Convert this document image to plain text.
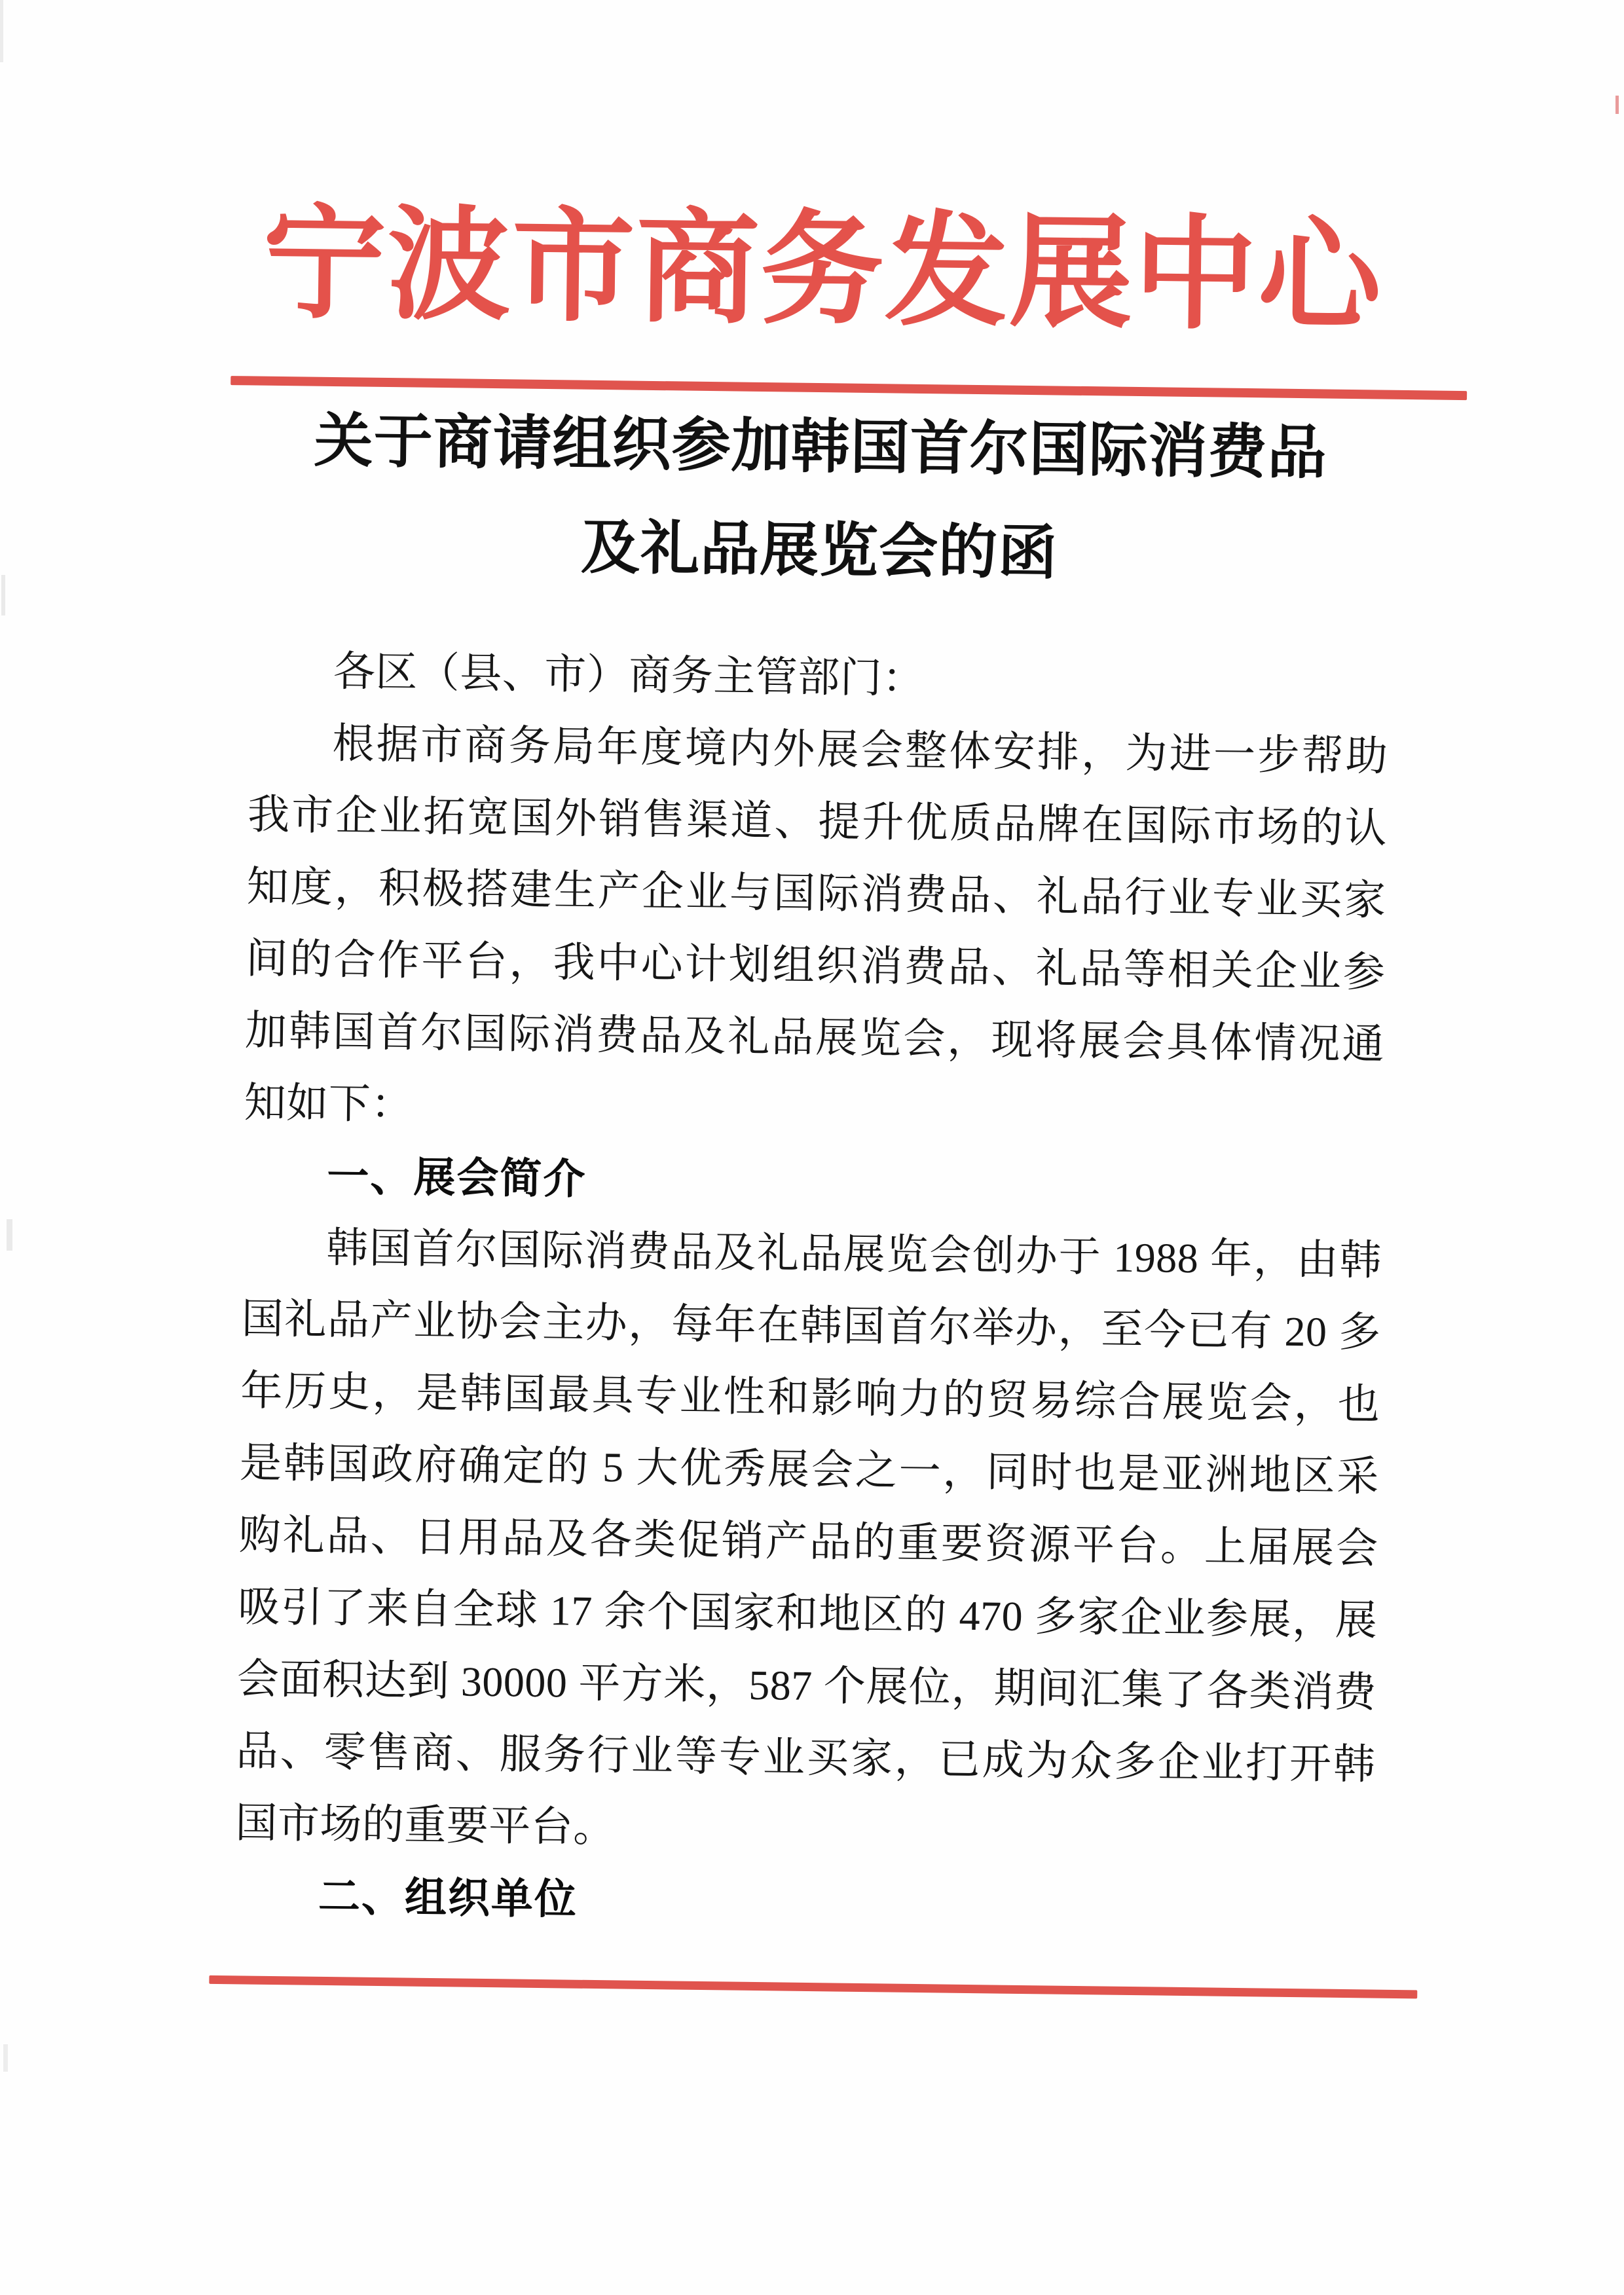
宁波市商务发展中心
关于商请组织参加韩国首尔国际消费品
及礼品展览会的函

各区（县、市）商务主管部门：

根据市商务局年度境内外展会整体安排，为进一步帮助我市企业拓宽国外销售渠道、提升优质品牌在国际市场的认知度，积极搭建生产企业与国际消费品、礼品行业专业买家间的合作平台，我中心计划组织消费品、礼品等相关企业参加韩国首尔国际消费品及礼品展览会，现将展会具体情况通知如下：

一、展会简介

韩国首尔国际消费品及礼品展览会创办于 1988 年，由韩国礼品产业协会主办，每年在韩国首尔举办，至今已有 20 多年历史，是韩国最具专业性和影响力的贸易综合展览会，也是韩国政府确定的 5 大优秀展会之一，同时也是亚洲地区采购礼品、日用品及各类促销产品的重要资源平台。上届展会吸引了来自全球 17 余个国家和地区的 470 多家企业参展，展会面积达到 30000 平方米，587 个展位，期间汇集了各类消费品、零售商、服务行业等专业买家，已成为众多企业打开韩国市场的重要平台。

二、组织单位
